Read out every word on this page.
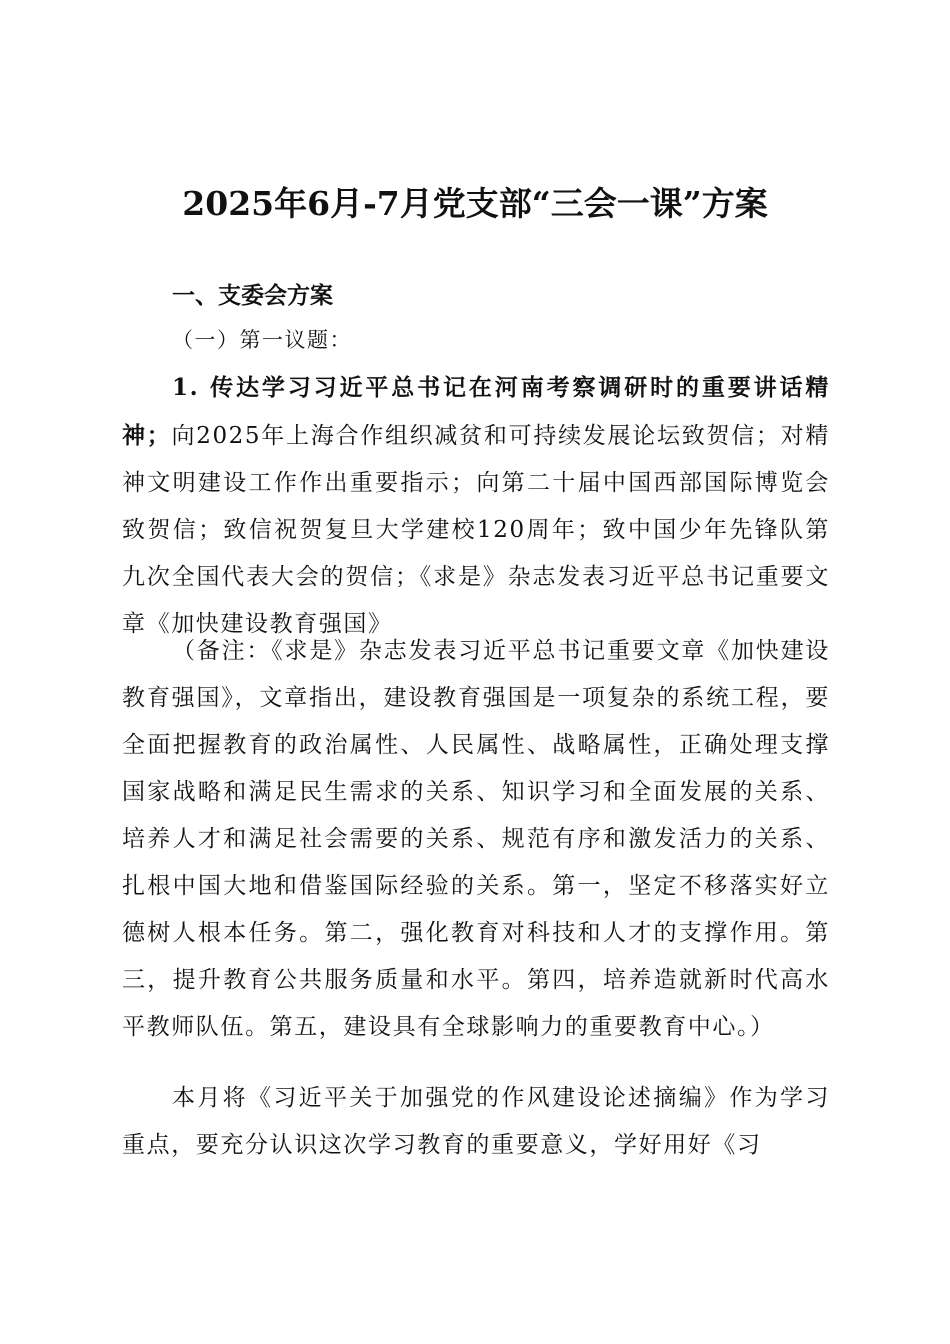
2025年6月-7月党支部“三会一课”方案
一、支委会方案
（一）第一议题：
1. 传达学习习近平总书记在河南考察调研时的重要讲话精神；向2025年上海合作组织减贫和可持续发展论坛致贺信；对精神文明建设工作作出重要指示；向第二十届中国西部国际博览会致贺信；致信祝贺复旦大学建校120周年；致中国少年先锋队第九次全国代表大会的贺信；《求是》杂志发表习近平总书记重要文章《加快建设教育强国》
（备注：《求是》杂志发表习近平总书记重要文章《加快建设教育强国》，文章指出，建设教育强国是一项复杂的系统工程，要全面把握教育的政治属性、人民属性、战略属性，正确处理支撑国家战略和满足民生需求的关系、知识学习和全面发展的关系、培养人才和满足社会需要的关系、规范有序和激发活力的关系、扎根中国大地和借鉴国际经验的关系。第一，坚定不移落实好立德树人根本任务。第二，强化教育对科技和人才的支撑作用。第三，提升教育公共服务质量和水平。第四，培养造就新时代高水平教师队伍。第五，建设具有全球影响力的重要教育中心。）
本月将《习近平关于加强党的作风建设论述摘编》作为学习重点，要充分认识这次学习教育的重要意义，学好用好《习
